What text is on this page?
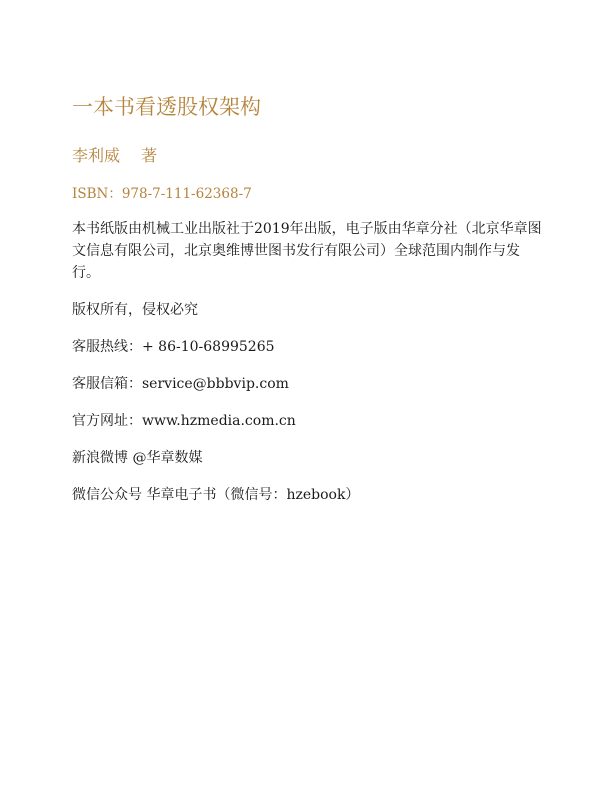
一本书看透股权架构
李利威　 著
ISBN：978-7-111-62368-7

本书纸版由机械工业出版社于2019年出版，电子版由华章分社（北京华章图文信息有限公司，北京奥维博世图书发行有限公司）全球范围内制作与发行。

版权所有，侵权必究

客服热线：+ 86-10-68995265

客服信箱：service@bbbvip.com

官方网址：www.hzmedia.com.cn

新浪微博 @华章数媒

微信公众号 华章电子书（微信号：hzebook）
